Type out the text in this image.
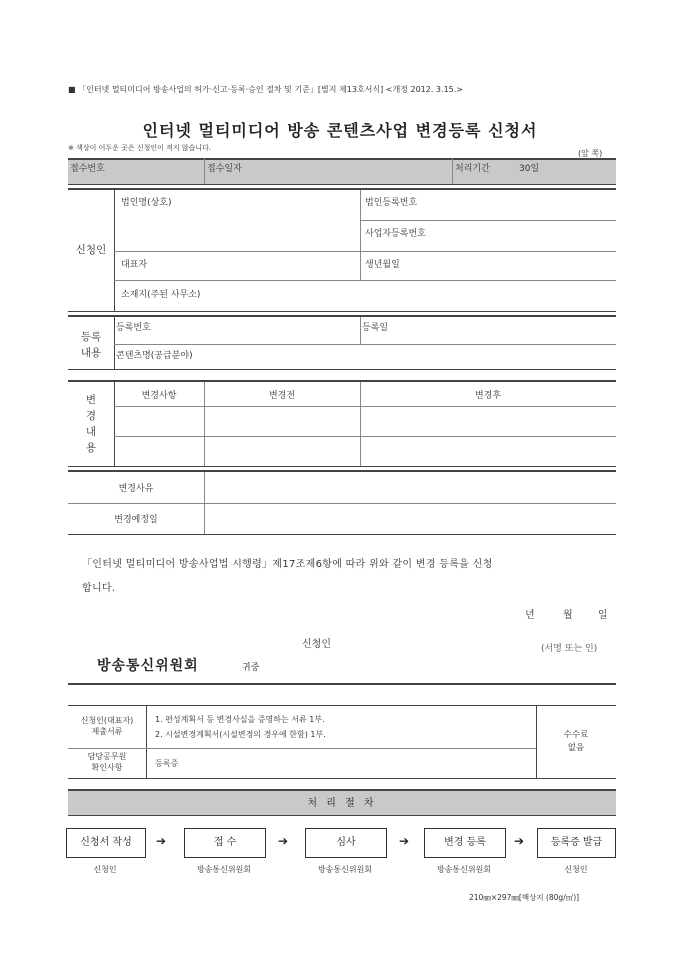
■ 「인터넷 멀티미디어 방송사업의 허가·신고·등록·승인 절차 및 기준」[별지 제13호서식] <개정 2012. 3.15.>
인터넷 멀티미디어 방송 콘텐츠사업 변경등록 신청서
※ 색상이 어두운 곳은 신청인이 적지 않습니다.
(앞 쪽)
접수번호	접수일자	처리기간	30일
신청인
법인명(상호)	법인등록번호
사업자등록번호
대표자	생년월일
소재지(주된 사무소)
등록
내용
등록번호	등록일
콘텐츠명(공급분야)
변
경
내
용
변경사항	변경전	변경후
변경사유
변경예정일
「인터넷 멀티미디어 방송사업법 시행령」제17조제6항에 따라 위와 같이 변경 등록을 신청
합니다.
년	월	일
신청인	(서명 또는 인)
방송통신위원회	귀중
신청인(대표자)
제출서류
1. 편성계획서 등 변경사실을 증명하는 서류 1부.
2. 시설변경계획서(시설변경의 경우에 한함) 1부.
담당공무원
확인사항	등록증
수수료
없음
처 리 절 차
신청서 작성	➔	접 수	➔	심사	➔	변경 등록	➔	등록증 발급
신청인	방송통신위원회	방송통신위원회	방송통신위원회	신청인
210㎜×297㎜[백상지 (80g/㎡)]
